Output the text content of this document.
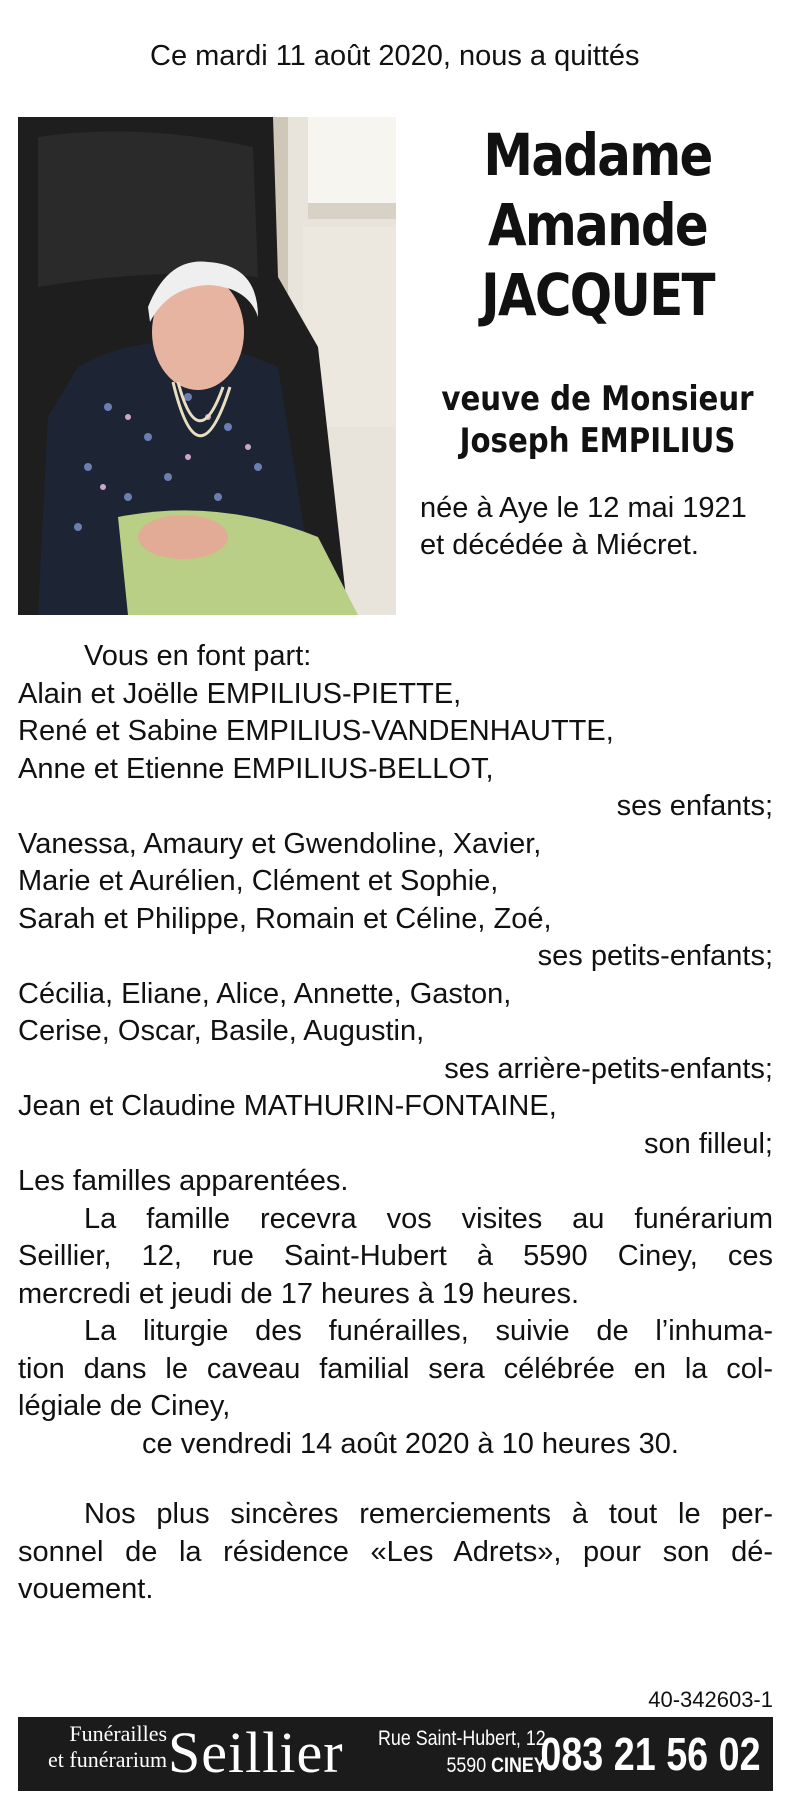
Ce mardi 11 août 2020, nous a quittés
Madame
Amande
JACQUET
veuve de Monsieur
Joseph EMPILIUS
née à Aye le 12 mai 1921
et décédée à Miécret.
Vous en font part:
Alain et Joëlle EMPILIUS-PIETTE,
René et Sabine EMPILIUS-VANDENHAUTTE,
Anne et Etienne EMPILIUS-BELLOT,
ses enfants;
Vanessa, Amaury et Gwendoline, Xavier,
Marie et Aurélien, Clément et Sophie,
Sarah et Philippe, Romain et Céline, Zoé,
ses petits-enfants;
Cécilia, Eliane, Alice, Annette, Gaston,
Cerise, Oscar, Basile, Augustin,
ses arrière-petits-enfants;
Jean et Claudine MATHURIN-FONTAINE,
son filleul;
Les familles apparentées.
La famille recevra vos visites au funérarium
Seillier, 12, rue Saint-Hubert à 5590 Ciney, ces
mercredi et jeudi de 17 heures à 19 heures.
La liturgie des funérailles, suivie de l’inhuma-
tion dans le caveau familial sera célébrée en la col-
légiale de Ciney,
ce vendredi 14 août 2020 à 10 heures 30.
Nos plus sincères remerciements à tout le per-
sonnel de la résidence «Les Adrets», pour son dé-
vouement.
40-342603-1
Funérailles
et funérarium Seillier Rue Saint-Hubert, 12
5590 CINEY
083 21 56 02
